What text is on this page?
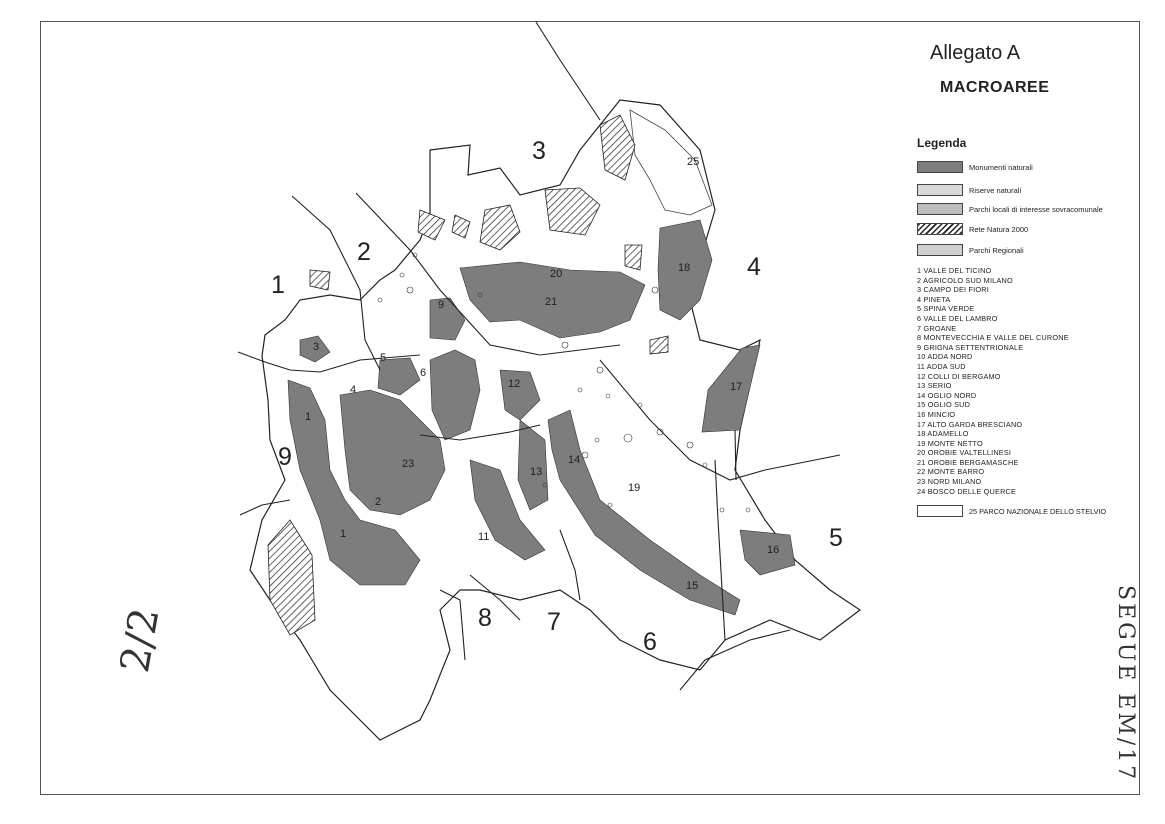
1
1
2
3
4
5
6
9
11
12
13
14
15
16
17
18
19
20
21
23
25
1
2
3
4
5
6
7
8
9
Allegato A
MACROAREE
Legenda
Monumenti naturali
Riserve naturali
Parchi locali di interesse sovracomunale
Rete Natura 2000
Parchi Regionali
1 VALLE DEL TICINO
2 AGRICOLO SUD MILANO
3 CAMPO DEI FIORI
4 PINETA
5 SPINA VERDE
6 VALLE DEL LAMBRO
7 GROANE
8 MONTEVECCHIA E VALLE DEL CURONE
9 GRIGNA SETTENTRIONALE
10 ADDA NORD
11 ADDA SUD
12 COLLI DI BERGAMO
13 SERIO
14 OGLIO NORD
15 OGLIO SUD
16 MINCIO
17 ALTO GARDA BRESCIANO
18 ADAMELLO
19 MONTE NETTO
20 OROBIE VALTELLINESI
21 OROBIE BERGAMASCHE
22 MONTE BARRO
23 NORD MILANO
24 BOSCO DELLE QUERCE
25 PARCO NAZIONALE DELLO STELVIO
2/2	SEGUE EM/17
